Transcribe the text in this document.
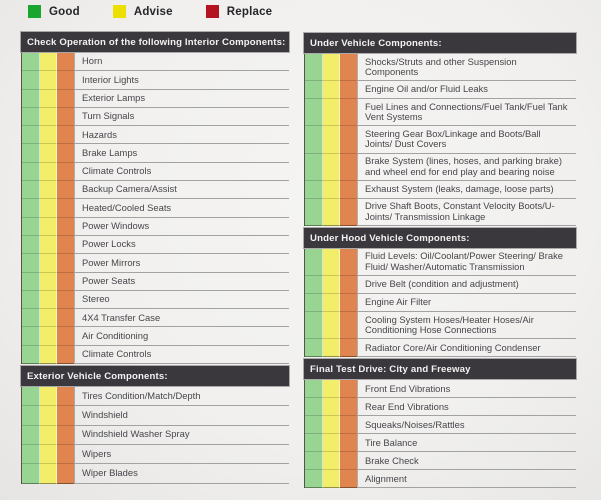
Good	Advise	Replace
Check Operation of the following Interior Components:
Horn
Interior Lights
Exterior Lamps
Turn Signals
Hazards
Brake Lamps
Climate Controls
Backup Camera/Assist
Heated/Cooled Seats
Power Windows
Power Locks
Power Mirrors
Power Seats
Stereo
4X4 Transfer Case
Air Conditioning
Climate Controls
Exterior Vehicle Components:
Tires Condition/Match/Depth
Windshield
Windshield Washer Spray
Wipers
Wiper Blades
Under Vehicle Components:
Shocks/Struts and other Suspension Components
Engine Oil and/or Fluid Leaks
Fuel Lines and Connections/Fuel Tank/Fuel Tank Vent Systems
Steering Gear Box/Linkage and Boots/Ball Joints/ Dust Covers
Brake System (lines, hoses, and parking brake) and wheel end for end play and bearing noise
Exhaust System (leaks, damage, loose parts)
Drive Shaft Boots, Constant Velocity Boots/U-Joints/ Transmission Linkage
Under Hood Vehicle Components:
Fluid Levels: Oil/Coolant/Power Steering/ Brake Fluid/ Washer/Automatic Transmission
Drive Belt (condition and adjustment)
Engine Air Filter
Cooling System Hoses/Heater Hoses/Air Conditioning Hose Connections
Radiator Core/Air Conditioning Condenser
Final Test Drive: City and Freeway
Front End Vibrations
Rear End Vibrations
Squeaks/Noises/Rattles
Tire Balance
Brake Check
Alignment
